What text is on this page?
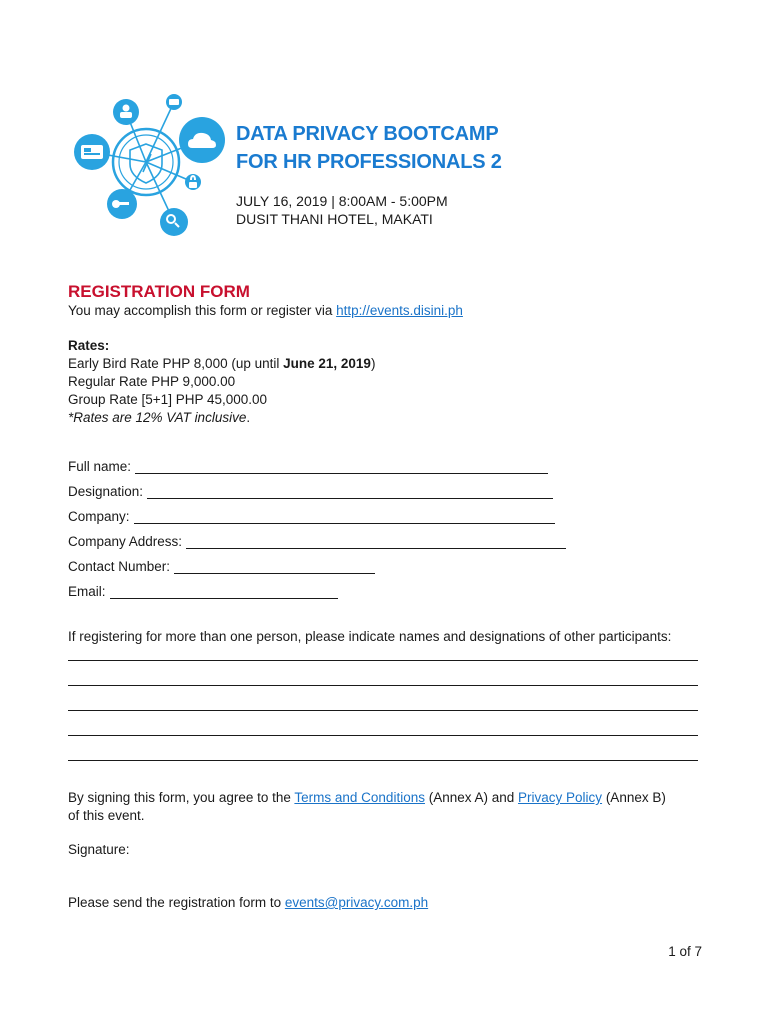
DATA PRIVACY BOOTCAMP
FOR HR PROFESSIONALS 2
JULY 16, 2019 | 8:00AM - 5:00PM
DUSIT THANI HOTEL, MAKATI
REGISTRATION FORM
You may accomplish this form or register via http://events.disini.ph
Rates:
Early Bird Rate PHP 8,000 (up until June 21, 2019)
Regular Rate PHP 9,000.00
Group Rate [5+1] PHP 45,000.00
*Rates are 12% VAT inclusive.
Full name:
Designation:
Company:
Company Address:
Contact Number:
Email:
If registering for more than one person, please indicate names and designations of other participants:
By signing this form, you agree to the Terms and Conditions (Annex A) and Privacy Policy (Annex B)
of this event.
Signature:
Please send the registration form to events@privacy.com.ph
1 of 7
